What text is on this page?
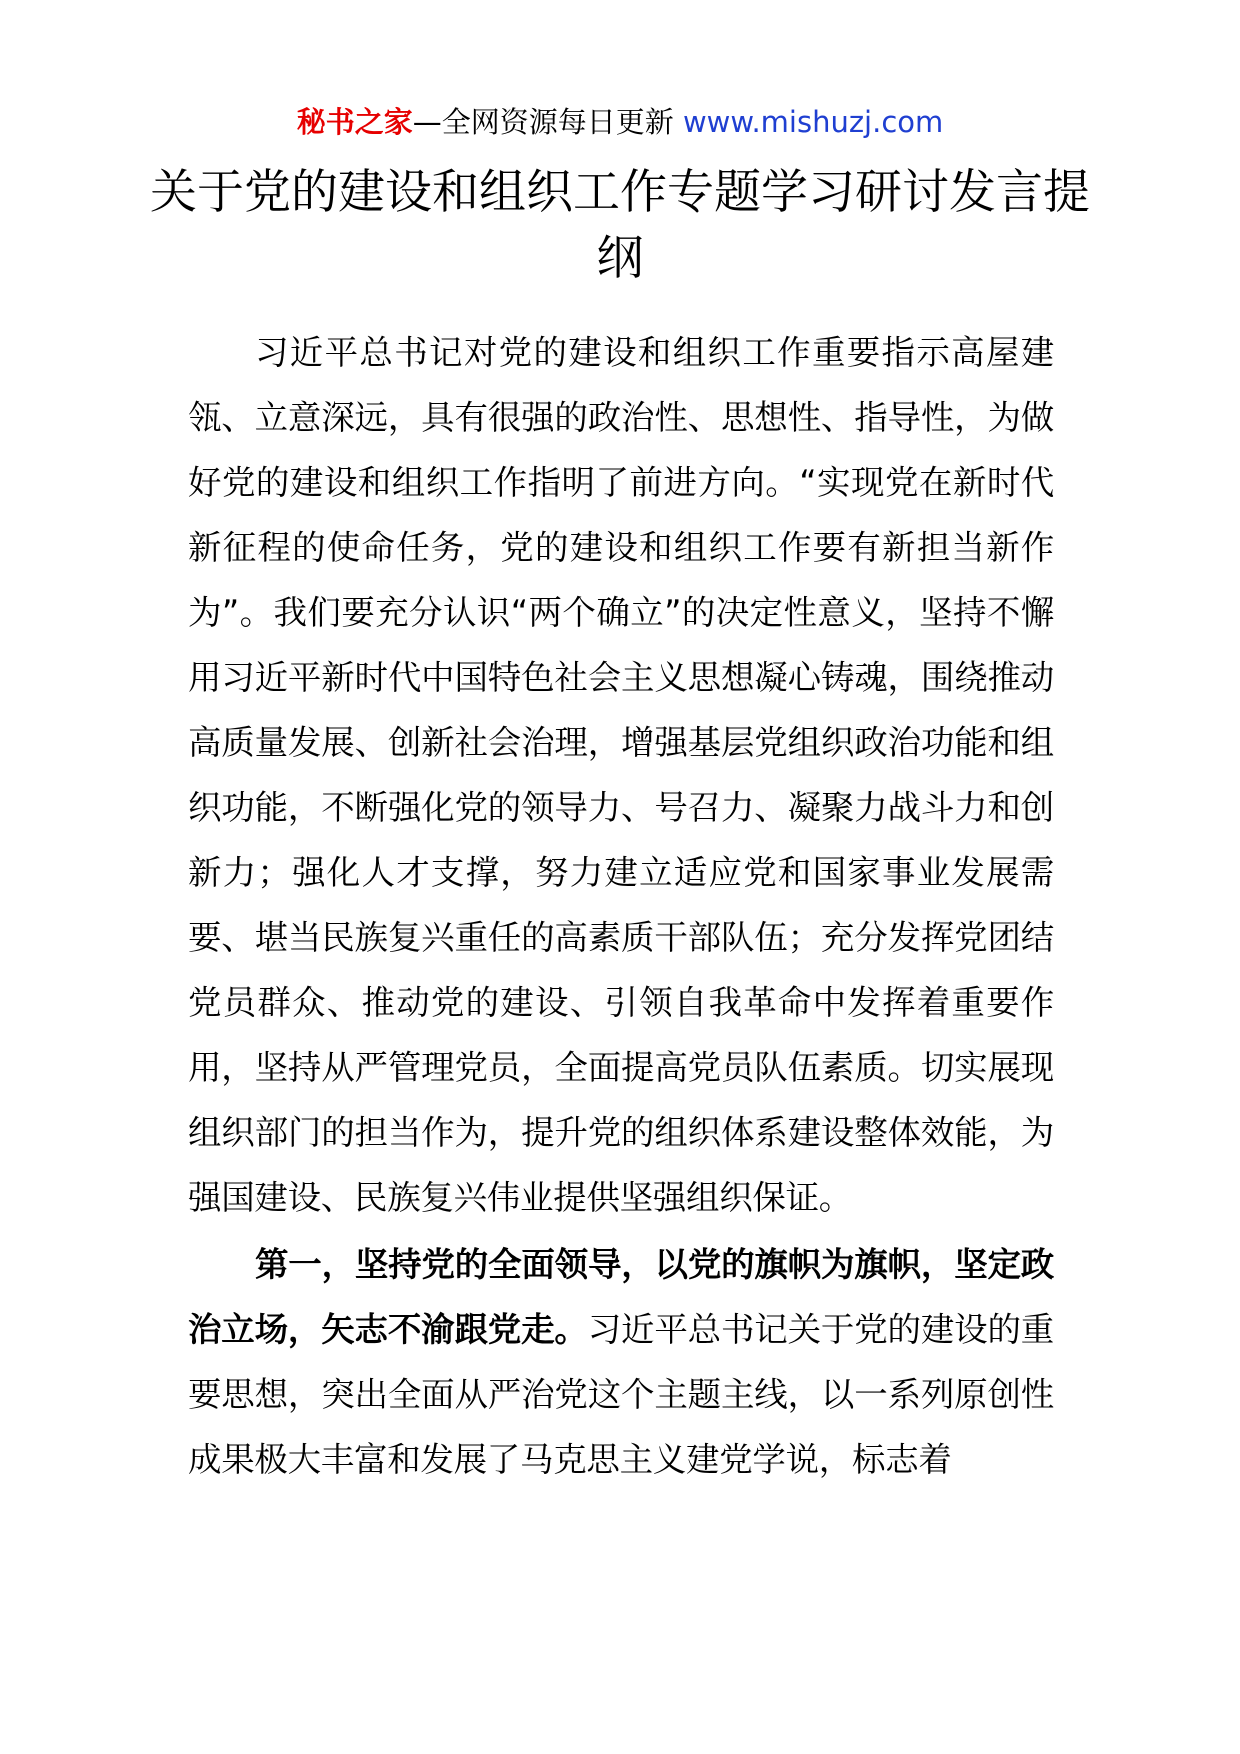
秘书之家—全网资源每日更新 www.mishuzj.com
关于党的建设和组织工作专题学习研讨发言提纲

习近平总书记对党的建设和组织工作重要指示高屋建瓴、立意深远，具有很强的政治性、思想性、指导性，为做好党的建设和组织工作指明了前进方向。“实现党在新时代新征程的使命任务，党的建设和组织工作要有新担当新作为”。我们要充分认识“两个确立”的决定性意义，坚持不懈用习近平新时代中国特色社会主义思想凝心铸魂，围绕推动高质量发展、创新社会治理，增强基层党组织政治功能和组织功能，不断强化党的领导力、号召力、凝聚力战斗力和创新力；强化人才支撑，努力建立适应党和国家事业发展需要、堪当民族复兴重任的高素质干部队伍；充分发挥党团结党员群众、推动党的建设、引领自我革命中发挥着重要作用，坚持从严管理党员，全面提高党员队伍素质。切实展现组织部门的担当作为，提升党的组织体系建设整体效能，为强国建设、民族复兴伟业提供坚强组织保证。

第一，坚持党的全面领导，以党的旗帜为旗帜，坚定政治立场，矢志不渝跟党走。习近平总书记关于党的建设的重要思想，突出全面从严治党这个主题主线，以一系列原创性成果极大丰富和发展了马克思主义建党学说，标志着
